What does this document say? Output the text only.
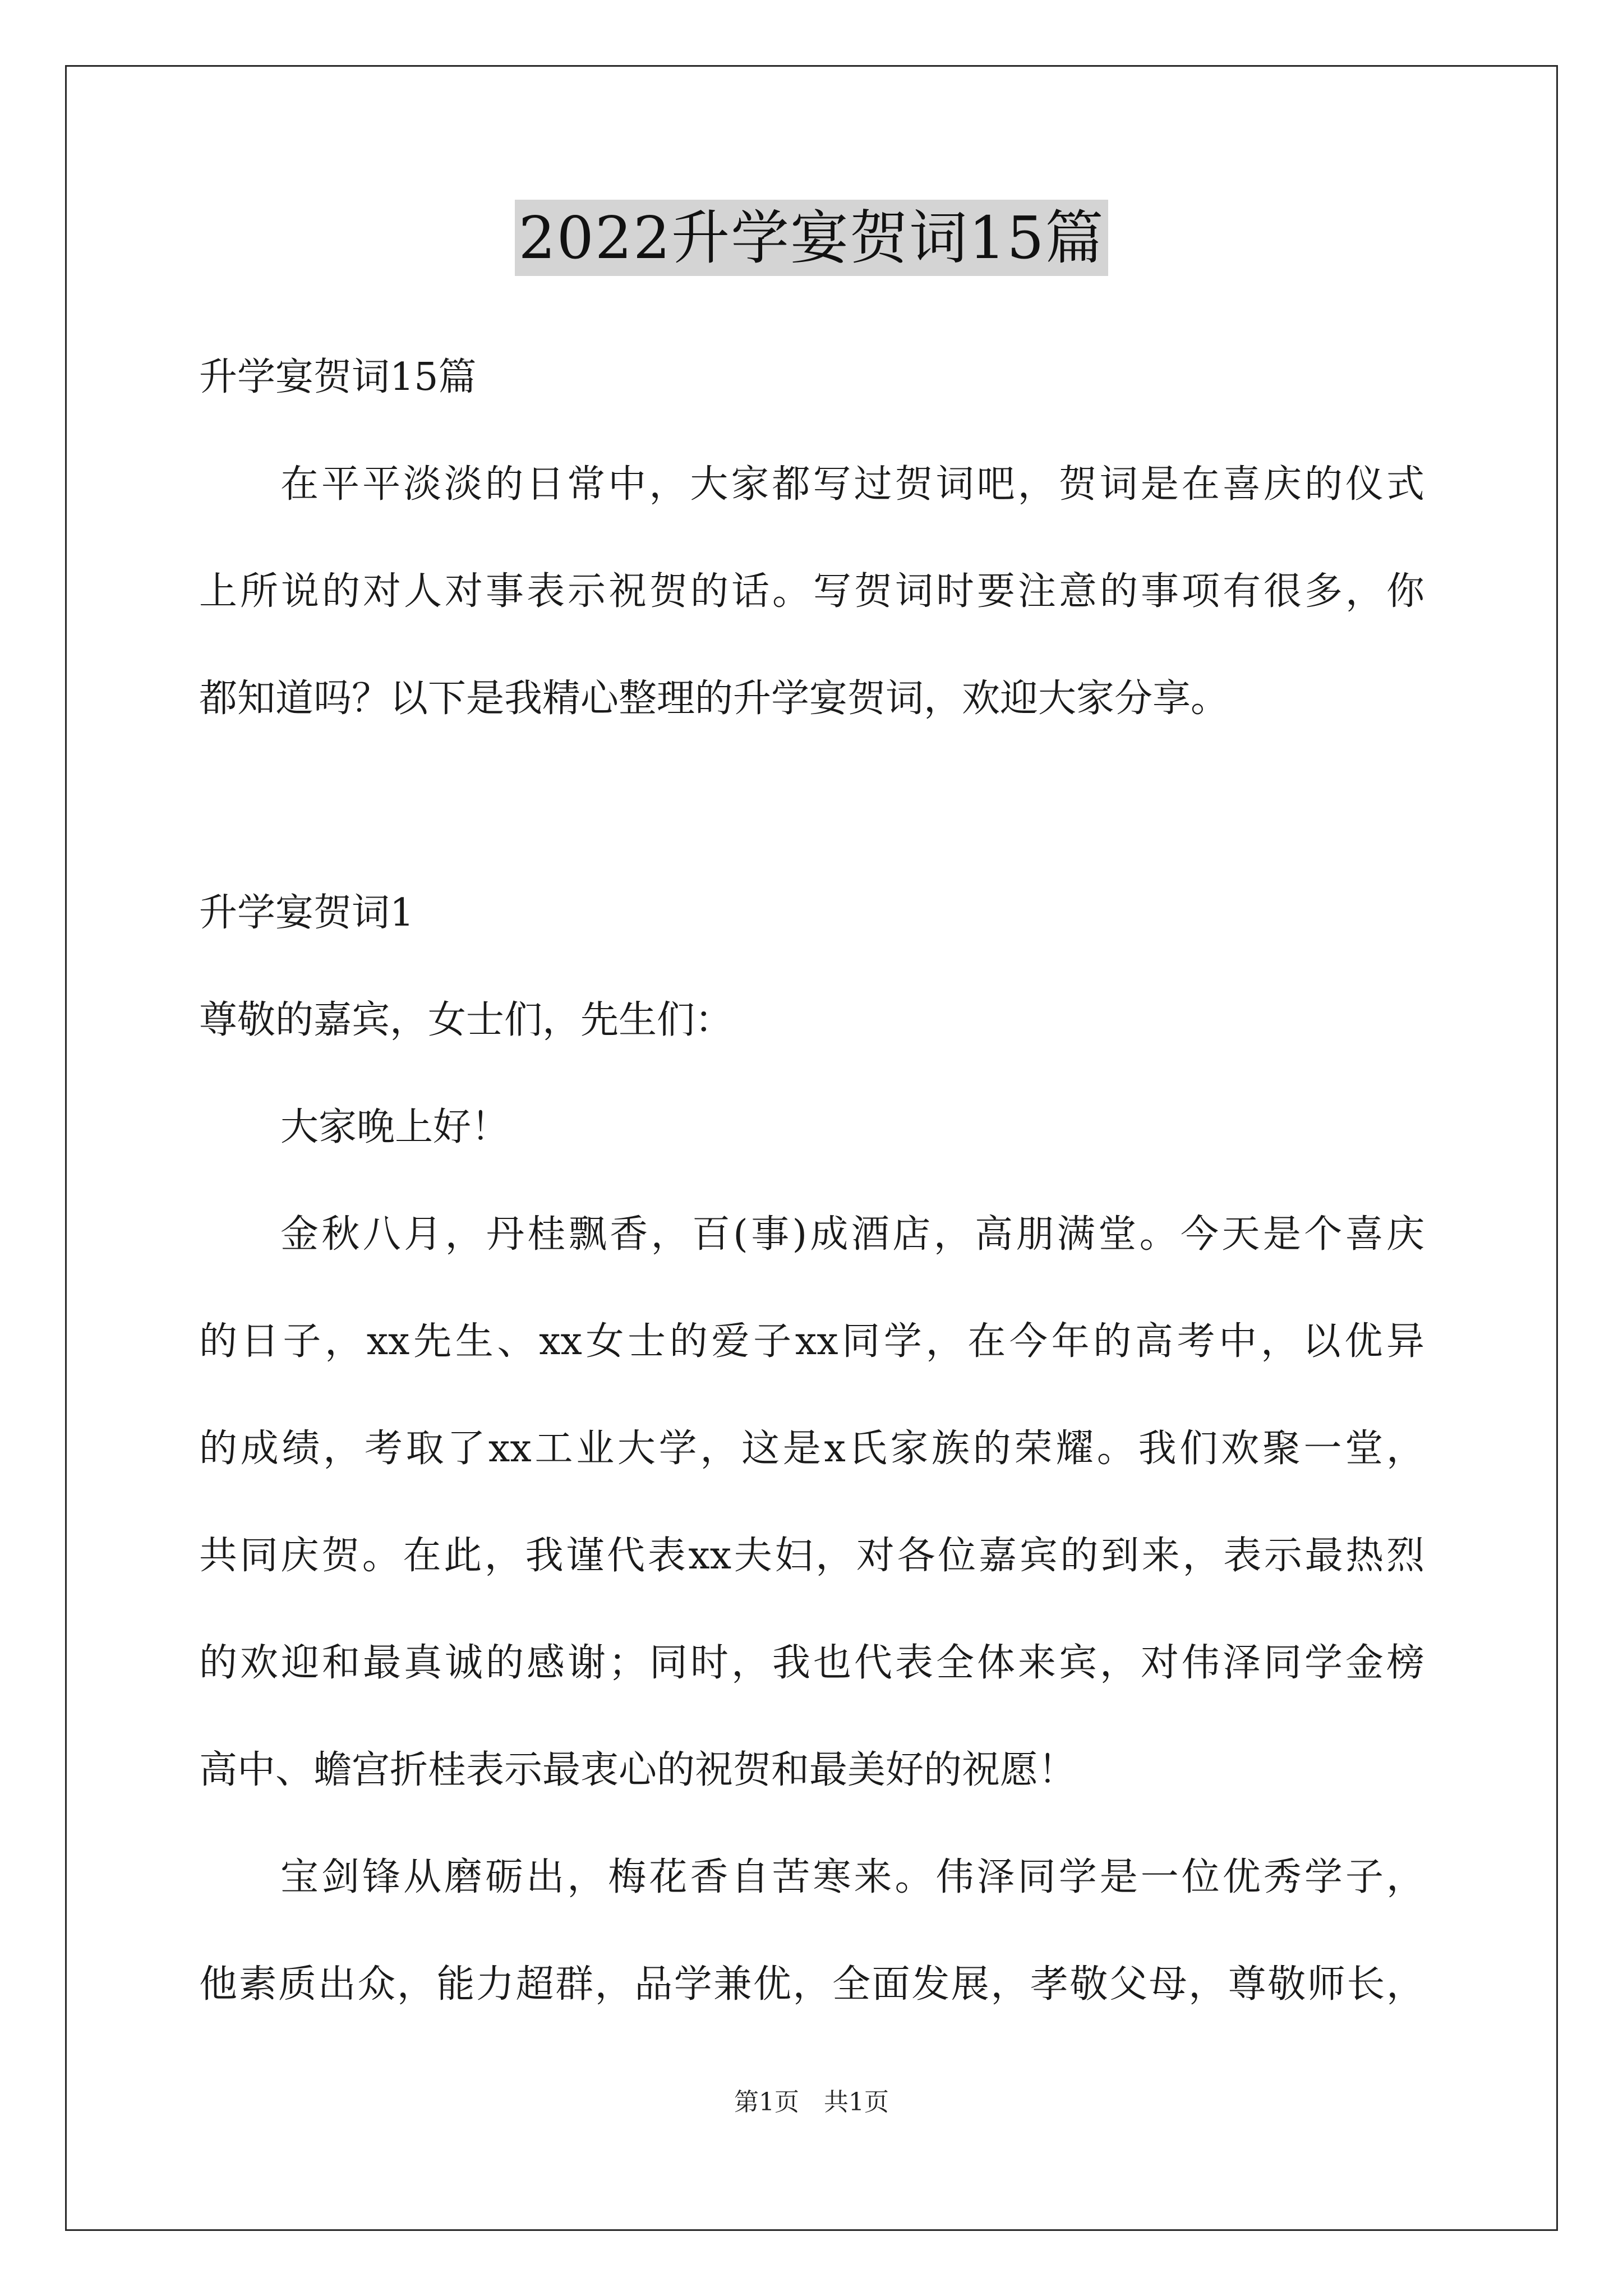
2022升学宴贺词15篇
升学宴贺词15篇
在平平淡淡的日常中，大家都写过贺词吧，贺词是在喜庆的仪式
上所说的对人对事表示祝贺的话。写贺词时要注意的事项有很多，你
都知道吗？以下是我精心整理的升学宴贺词，欢迎大家分享。
升学宴贺词1
尊敬的嘉宾，女士们，先生们：
大家晚上好！
金秋八月，丹桂飘香，百(事)成酒店，高朋满堂。今天是个喜庆
的日子，xx先生、xx女士的爱子xx同学，在今年的高考中，以优异
的成绩，考取了xx工业大学，这是x氏家族的荣耀。我们欢聚一堂，
共同庆贺。在此，我谨代表xx夫妇，对各位嘉宾的到来，表示最热烈
的欢迎和最真诚的感谢；同时，我也代表全体来宾，对伟泽同学金榜
高中、蟾宫折桂表示最衷心的祝贺和最美好的祝愿！
宝剑锋从磨砺出，梅花香自苦寒来。伟泽同学是一位优秀学子，
他素质出众，能力超群，品学兼优，全面发展，孝敬父母，尊敬师长，
第1页　共1页
